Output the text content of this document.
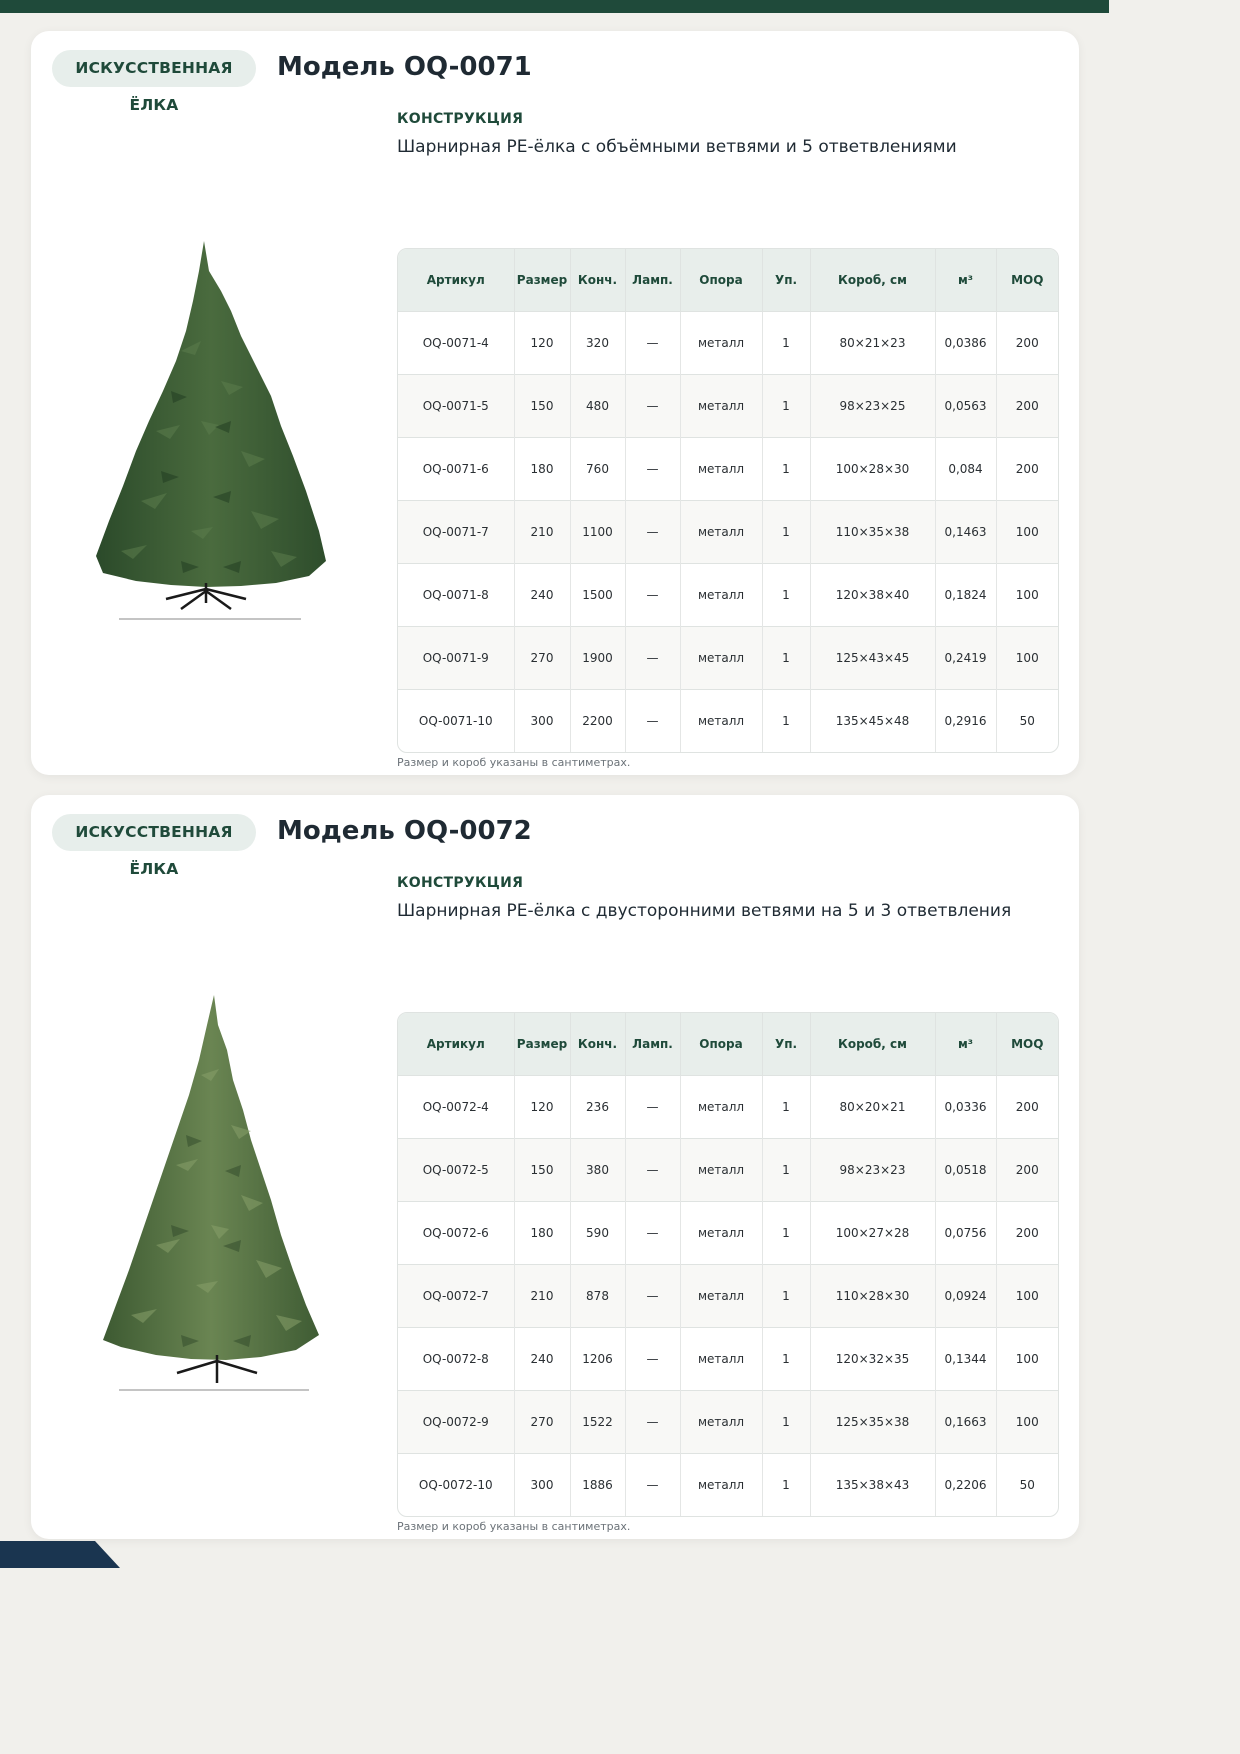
ИСКУССТВЕННАЯ ЁЛКА
Модель OQ-0071
КОНСТРУКЦИЯ
Шарнирная PE-ёлка с объёмными ветвями и 5 ответвлениями
Артикул	Размер	Конч.	Ламп.	Опора	Уп.	Короб, см	м³	MOQ
OQ-0071-4	120	320	—	металл	1	80×21×23	0,0386	200
OQ-0071-5	150	480	—	металл	1	98×23×25	0,0563	200
OQ-0071-6	180	760	—	металл	1	100×28×30	0,084	200
OQ-0071-7	210	1100	—	металл	1	110×35×38	0,1463	100
OQ-0071-8	240	1500	—	металл	1	120×38×40	0,1824	100
OQ-0071-9	270	1900	—	металл	1	125×43×45	0,2419	100
OQ-0071-10	300	2200	—	металл	1	135×45×48	0,2916	50
Размер и короб указаны в сантиметрах.
ИСКУССТВЕННАЯ ЁЛКА
Модель OQ-0072
КОНСТРУКЦИЯ
Шарнирная PE-ёлка с двусторонними ветвями на 5 и 3 ответвления
Артикул	Размер	Конч.	Ламп.	Опора	Уп.	Короб, см	м³	MOQ
OQ-0072-4	120	236	—	металл	1	80×20×21	0,0336	200
OQ-0072-5	150	380	—	металл	1	98×23×23	0,0518	200
OQ-0072-6	180	590	—	металл	1	100×27×28	0,0756	200
OQ-0072-7	210	878	—	металл	1	110×28×30	0,0924	100
OQ-0072-8	240	1206	—	металл	1	120×32×35	0,1344	100
OQ-0072-9	270	1522	—	металл	1	125×35×38	0,1663	100
OQ-0072-10	300	1886	—	металл	1	135×38×43	0,2206	50
Размер и короб указаны в сантиметрах.
